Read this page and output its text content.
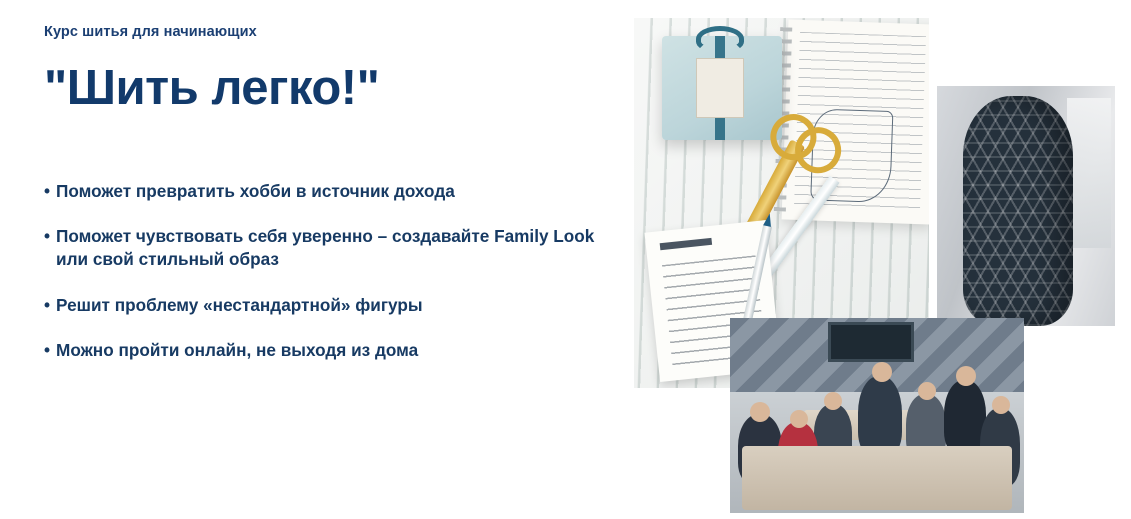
Курс шитья для начинающих
"Шить легко!"
• Поможет превратить хобби в источник дохода
• Поможет чувствовать себя уверенно – создавайте Family Look или свой стильный образ
• Решит проблему «нестандартной» фигуры
• Можно пройти онлайн, не выходя из дома
